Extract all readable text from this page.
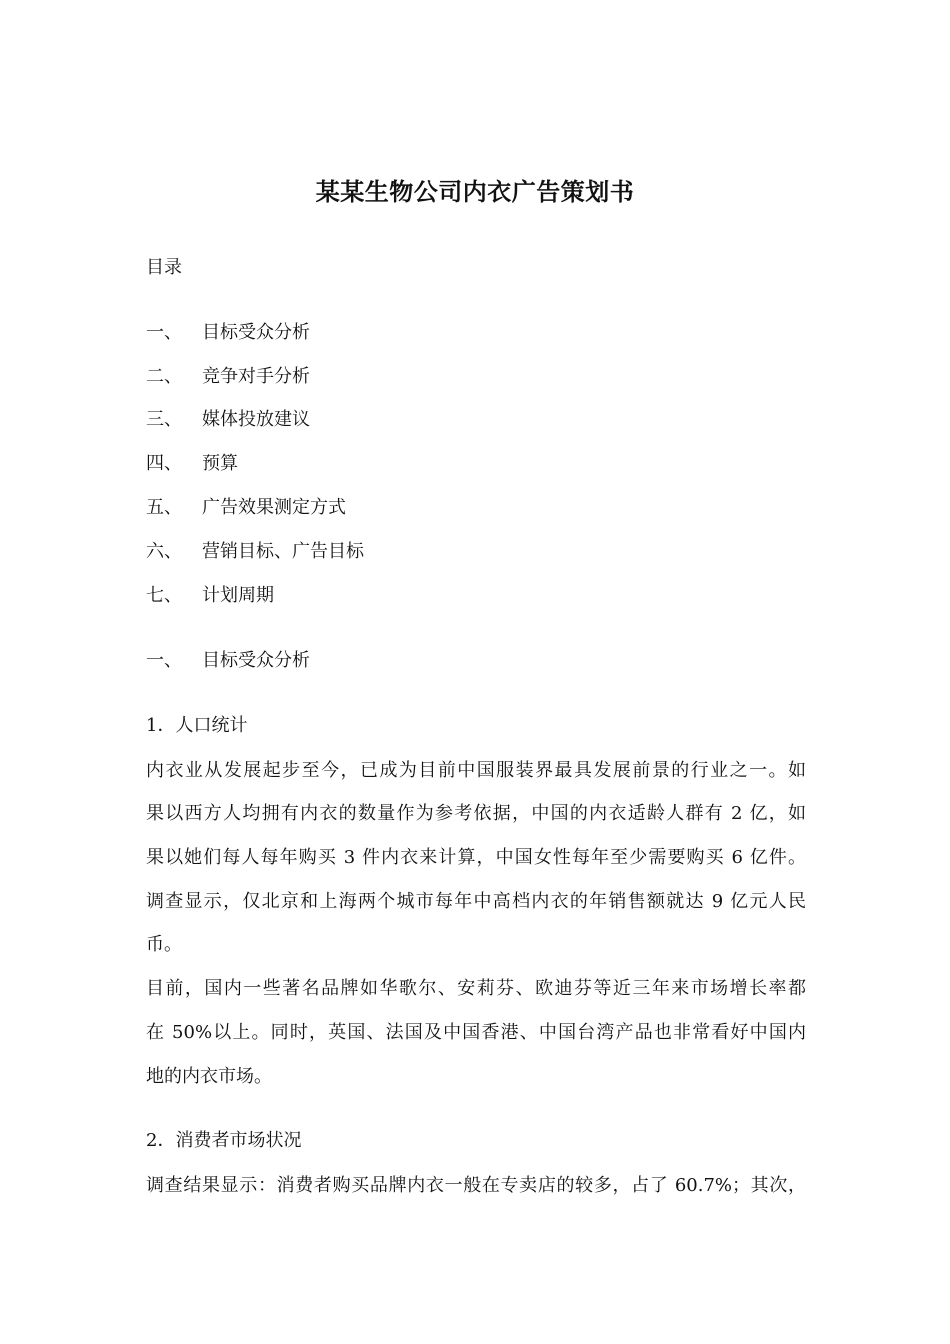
某某生物公司内衣广告策划书
目录
一、 目标受众分析
二、 竞争对手分析
三、 媒体投放建议
四、 预算
五、 广告效果测定方式
六、 营销目标、广告目标
七、 计划周期
一、 目标受众分析
1．人口统计
内衣业从发展起步至今，已成为目前中国服装界最具发展前景的行业之一。如
果以西方人均拥有内衣的数量作为参考依据，中国的内衣适龄人群有 2 亿，如
果以她们每人每年购买 3 件内衣来计算，中国女性每年至少需要购买 6 亿件。
调查显示，仅北京和上海两个城市每年中高档内衣的年销售额就达 9 亿元人民
币。
目前，国内一些著名品牌如华歌尔、安莉芬、欧迪芬等近三年来市场增长率都
在 50%以上。同时，英国、法国及中国香港、中国台湾产品也非常看好中国内
地的内衣市场。
2．消费者市场状况
调查结果显示：消费者购买品牌内衣一般在专卖店的较多，占了 60.7%；其次，
